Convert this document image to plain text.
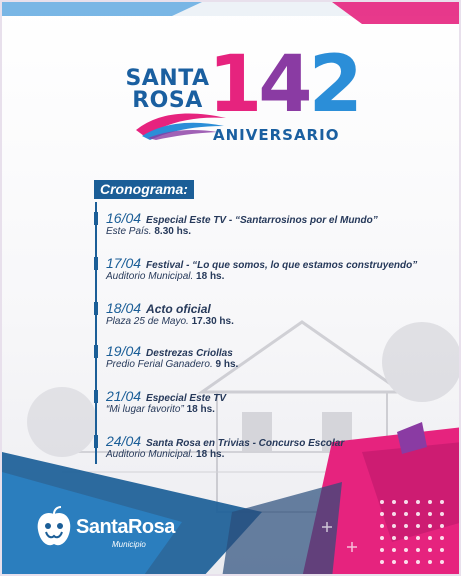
SANTA
ROSA 142
ANIVERSARIO
Cronograma:
16/04 Especial Este TV - “Santarrosinos por el Mundo”
Este País. 8.30 hs.
17/04 Festival - “Lo que somos, lo que estamos construyendo”
Auditorio Municipal. 18 hs.
18/04 Acto oficial
Plaza 25 de Mayo. 17.30 hs.
19/04 Destrezas Criollas
Predio Ferial Ganadero. 9 hs.
21/04 Especial Este TV
“Mi lugar favorito” 18 hs.
24/04 Santa Rosa en Trivias - Concurso Escolar
Auditorio Municipal. 18 hs.
SantaRosa
Municipio
